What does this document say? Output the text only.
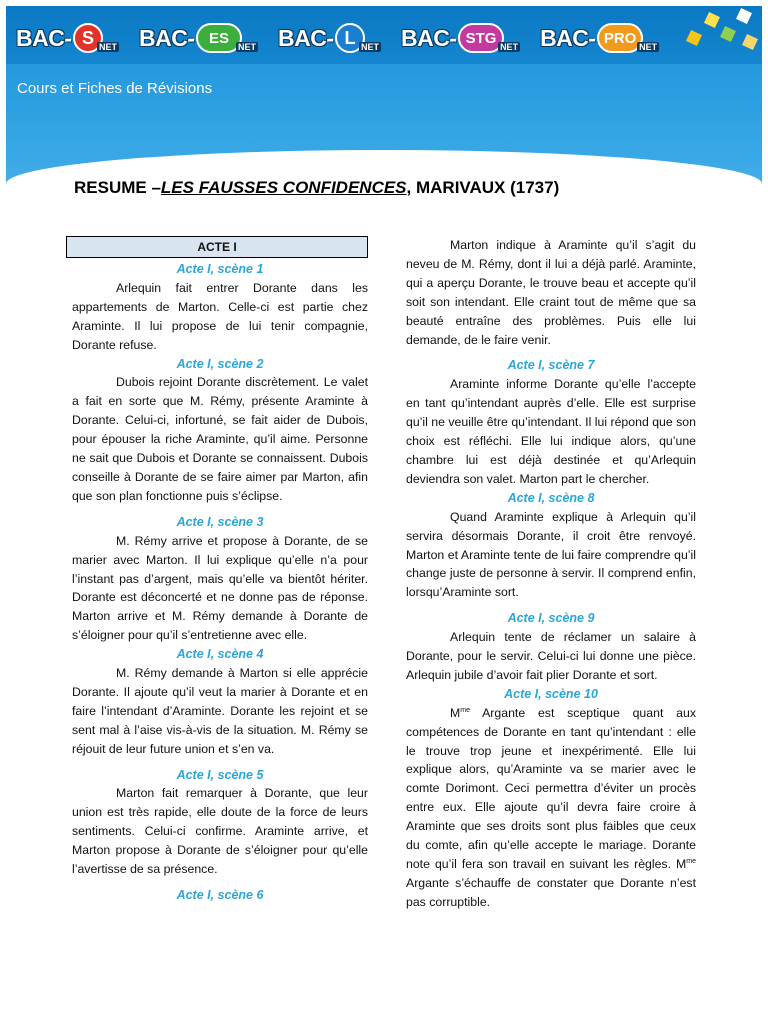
BAC - S NET BAC - ES
NET BAC - L NET BAC - STG
NET BAC - PRO
NET
Cours et Fiches de Révisions
RESUME –LES FAUSSES CONFIDENCES, MARIVAUX (1737)
ACTE I
Acte I, scène 1

Arlequin fait entrer Dorante dans les appartements de Marton. Celle-ci est partie chez Araminte. Il lui propose de lui tenir compagnie, Dorante refuse.

Acte I, scène 2

Dubois rejoint Dorante discrètement. Le valet a fait en sorte que M. Rémy, présente Araminte à Dorante. Celui-ci, infortuné, se fait aider de Dubois, pour épouser la riche Araminte, qu’il aime. Personne ne sait que Dubois et Dorante se connaissent. Dubois conseille à Dorante de se faire aimer par Marton, afin que son plan fonctionne puis s’éclipse.

Acte I, scène 3

M. Rémy arrive et propose à Dorante, de se marier avec Marton. Il lui explique qu’elle n’a pour l’instant pas d’argent, mais qu’elle va bientôt hériter. Dorante est déconcerté et ne donne pas de réponse. Marton arrive et M. Rémy demande à Dorante de s’éloigner pour qu’il s’entretienne avec elle.

Acte I, scène 4

M. Rémy demande à Marton si elle apprécie Dorante. Il ajoute qu’il veut la marier à Dorante et en faire l’intendant d’Araminte. Dorante les rejoint et se sent mal à l’aise vis-à-vis de la situation. M. Rémy se réjouit de leur future union et s’en va.

Acte I, scène 5

Marton fait remarquer à Dorante, que leur union est très rapide, elle doute de la force de leurs sentiments. Celui-ci confirme. Araminte arrive, et Marton propose à Dorante de s’éloigner pour qu’elle l’avertisse de sa présence.

Acte I, scène 6

Marton indique à Araminte qu’il s’agit du neveu de M. Rémy, dont il lui a déjà parlé. Araminte, qui a aperçu Dorante, le trouve beau et accepte qu’il soit son intendant. Elle craint tout de même que sa beauté entraîne des problèmes. Puis elle lui demande, de le faire venir.

Acte I, scène 7

Araminte informe Dorante qu’elle l’accepte en tant qu’intendant auprès d’elle. Elle est surprise qu’il ne veuille être qu’intendant. Il lui répond que son choix est réfléchi. Elle lui indique alors, qu’une chambre lui est déjà destinée et qu’Arlequin deviendra son valet. Marton part le chercher.

Acte I, scène 8

Quand Araminte explique à Arlequin qu’il servira désormais Dorante, il croit être renvoyé. Marton et Araminte tente de lui faire comprendre qu’il change juste de personne à servir. Il comprend enfin, lorsqu’Araminte sort.

Acte I, scène 9

Arlequin tente de réclamer un salaire à Dorante, pour le servir. Celui-ci lui donne une pièce. Arlequin jubile d’avoir fait plier Dorante et sort.

Acte I, scène 10

$M^{me}$ Argante est sceptique quant aux compétences de Dorante en tant qu’intendant : elle le trouve trop jeune et inexpérimenté. Elle lui explique alors, qu’Araminte va se marier avec le comte Dorimont. Ceci permettra d’éviter un procès entre eux. Elle ajoute qu’il devra faire croire à Araminte que ses droits sont plus faibles que ceux du comte, afin qu’elle accepte le mariage. Dorante note qu’il fera son travail en suivant les règles. $M^{me}$ Argante s’échauffe de constater que Dorante n’est pas corruptible.
